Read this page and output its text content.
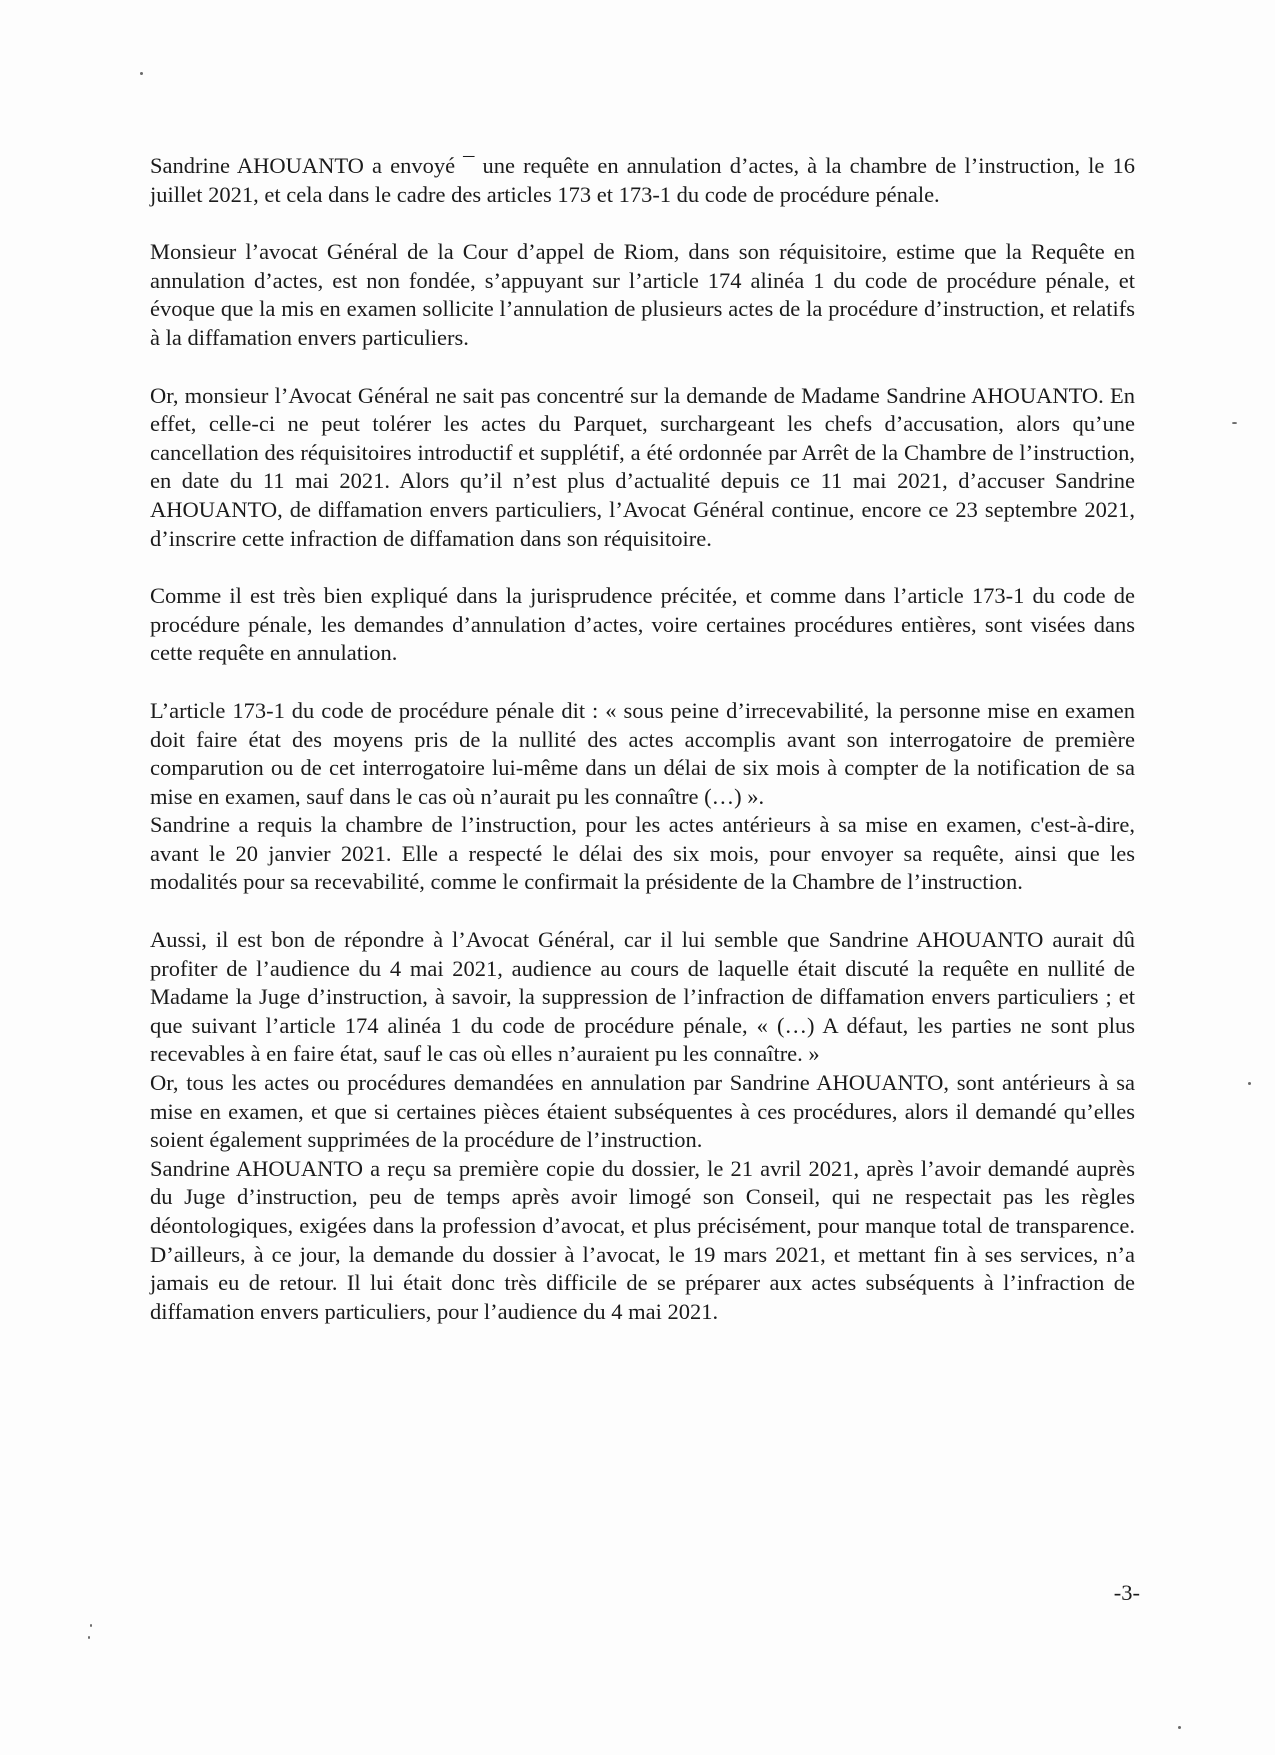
Sandrine AHOUANTO a envoyé ¯ une requête en annulation d’actes, à la chambre de l’instruction, le 16 juillet 2021, et cela dans le cadre des articles 173 et 173-1 du code de procédure pénale.

Monsieur l’avocat Général de la Cour d’appel de Riom, dans son réquisitoire, estime que la Requête en annulation d’actes, est non fondée, s’appuyant sur l’article 174 alinéa 1 du code de procédure pénale, et évoque que la mis en examen sollicite l’annulation de plusieurs actes de la procédure d’instruction, et relatifs à la diffamation envers particuliers.

Or, monsieur l’Avocat Général ne sait pas concentré sur la demande de Madame Sandrine AHOUANTO. En effet, celle-ci ne peut tolérer les actes du Parquet, surchargeant les chefs d’accusation, alors qu’une cancellation des réquisitoires introductif et supplétif, a été ordonnée par Arrêt de la Chambre de l’instruction, en date du 11 mai 2021. Alors qu’il n’est plus d’actualité depuis ce 11 mai 2021, d’accuser Sandrine AHOUANTO, de diffamation envers particuliers, l’Avocat Général continue, encore ce 23 septembre 2021, d’inscrire cette infraction de diffamation dans son réquisitoire.

Comme il est très bien expliqué dans la jurisprudence précitée, et comme dans l’article 173-1 du code de procédure pénale, les demandes d’annulation d’actes, voire certaines procédures entières, sont visées dans cette requête en annulation.

L’article 173-1 du code de procédure pénale dit : « sous peine d’irrecevabilité, la personne mise en examen doit faire état des moyens pris de la nullité des actes accomplis avant son interrogatoire de première comparution ou de cet interrogatoire lui-même dans un délai de six mois à compter de la notification de sa mise en examen, sauf dans le cas où n’aurait pu les connaître (…) ».

Sandrine a requis la chambre de l’instruction, pour les actes antérieurs à sa mise en examen, c'est-à-dire, avant le 20 janvier 2021. Elle a respecté le délai des six mois, pour envoyer sa requête, ainsi que les modalités pour sa recevabilité, comme le confirmait la présidente de la Chambre de l’instruction.

Aussi, il est bon de répondre à l’Avocat Général, car il lui semble que Sandrine AHOUANTO aurait dû profiter de l’audience du 4 mai 2021, audience au cours de laquelle était discuté la requête en nullité de Madame la Juge d’instruction, à savoir, la suppression de l’infraction de diffamation envers particuliers ; et que suivant l’article 174 alinéa 1 du code de procédure pénale, « (…) A défaut, les parties ne sont plus recevables à en faire état, sauf le cas où elles n’auraient pu les connaître. »

Or, tous les actes ou procédures demandées en annulation par Sandrine AHOUANTO, sont antérieurs à sa mise en examen, et que si certaines pièces étaient subséquentes à ces procédures, alors il demandé qu’elles soient également supprimées de la procédure de l’instruction.

Sandrine AHOUANTO a reçu sa première copie du dossier, le 21 avril 2021, après l’avoir demandé auprès du Juge d’instruction, peu de temps après avoir limogé son Conseil, qui ne respectait pas les règles déontologiques, exigées dans la profession d’avocat, et plus précisément, pour manque total de transparence. D’ailleurs, à ce jour, la demande du dossier à l’avocat, le 19 mars 2021, et mettant fin à ses services, n’a jamais eu de retour. Il lui était donc très difficile de se préparer aux actes subséquents à l’infraction de diffamation envers particuliers, pour l’audience du 4 mai 2021.

-3-
